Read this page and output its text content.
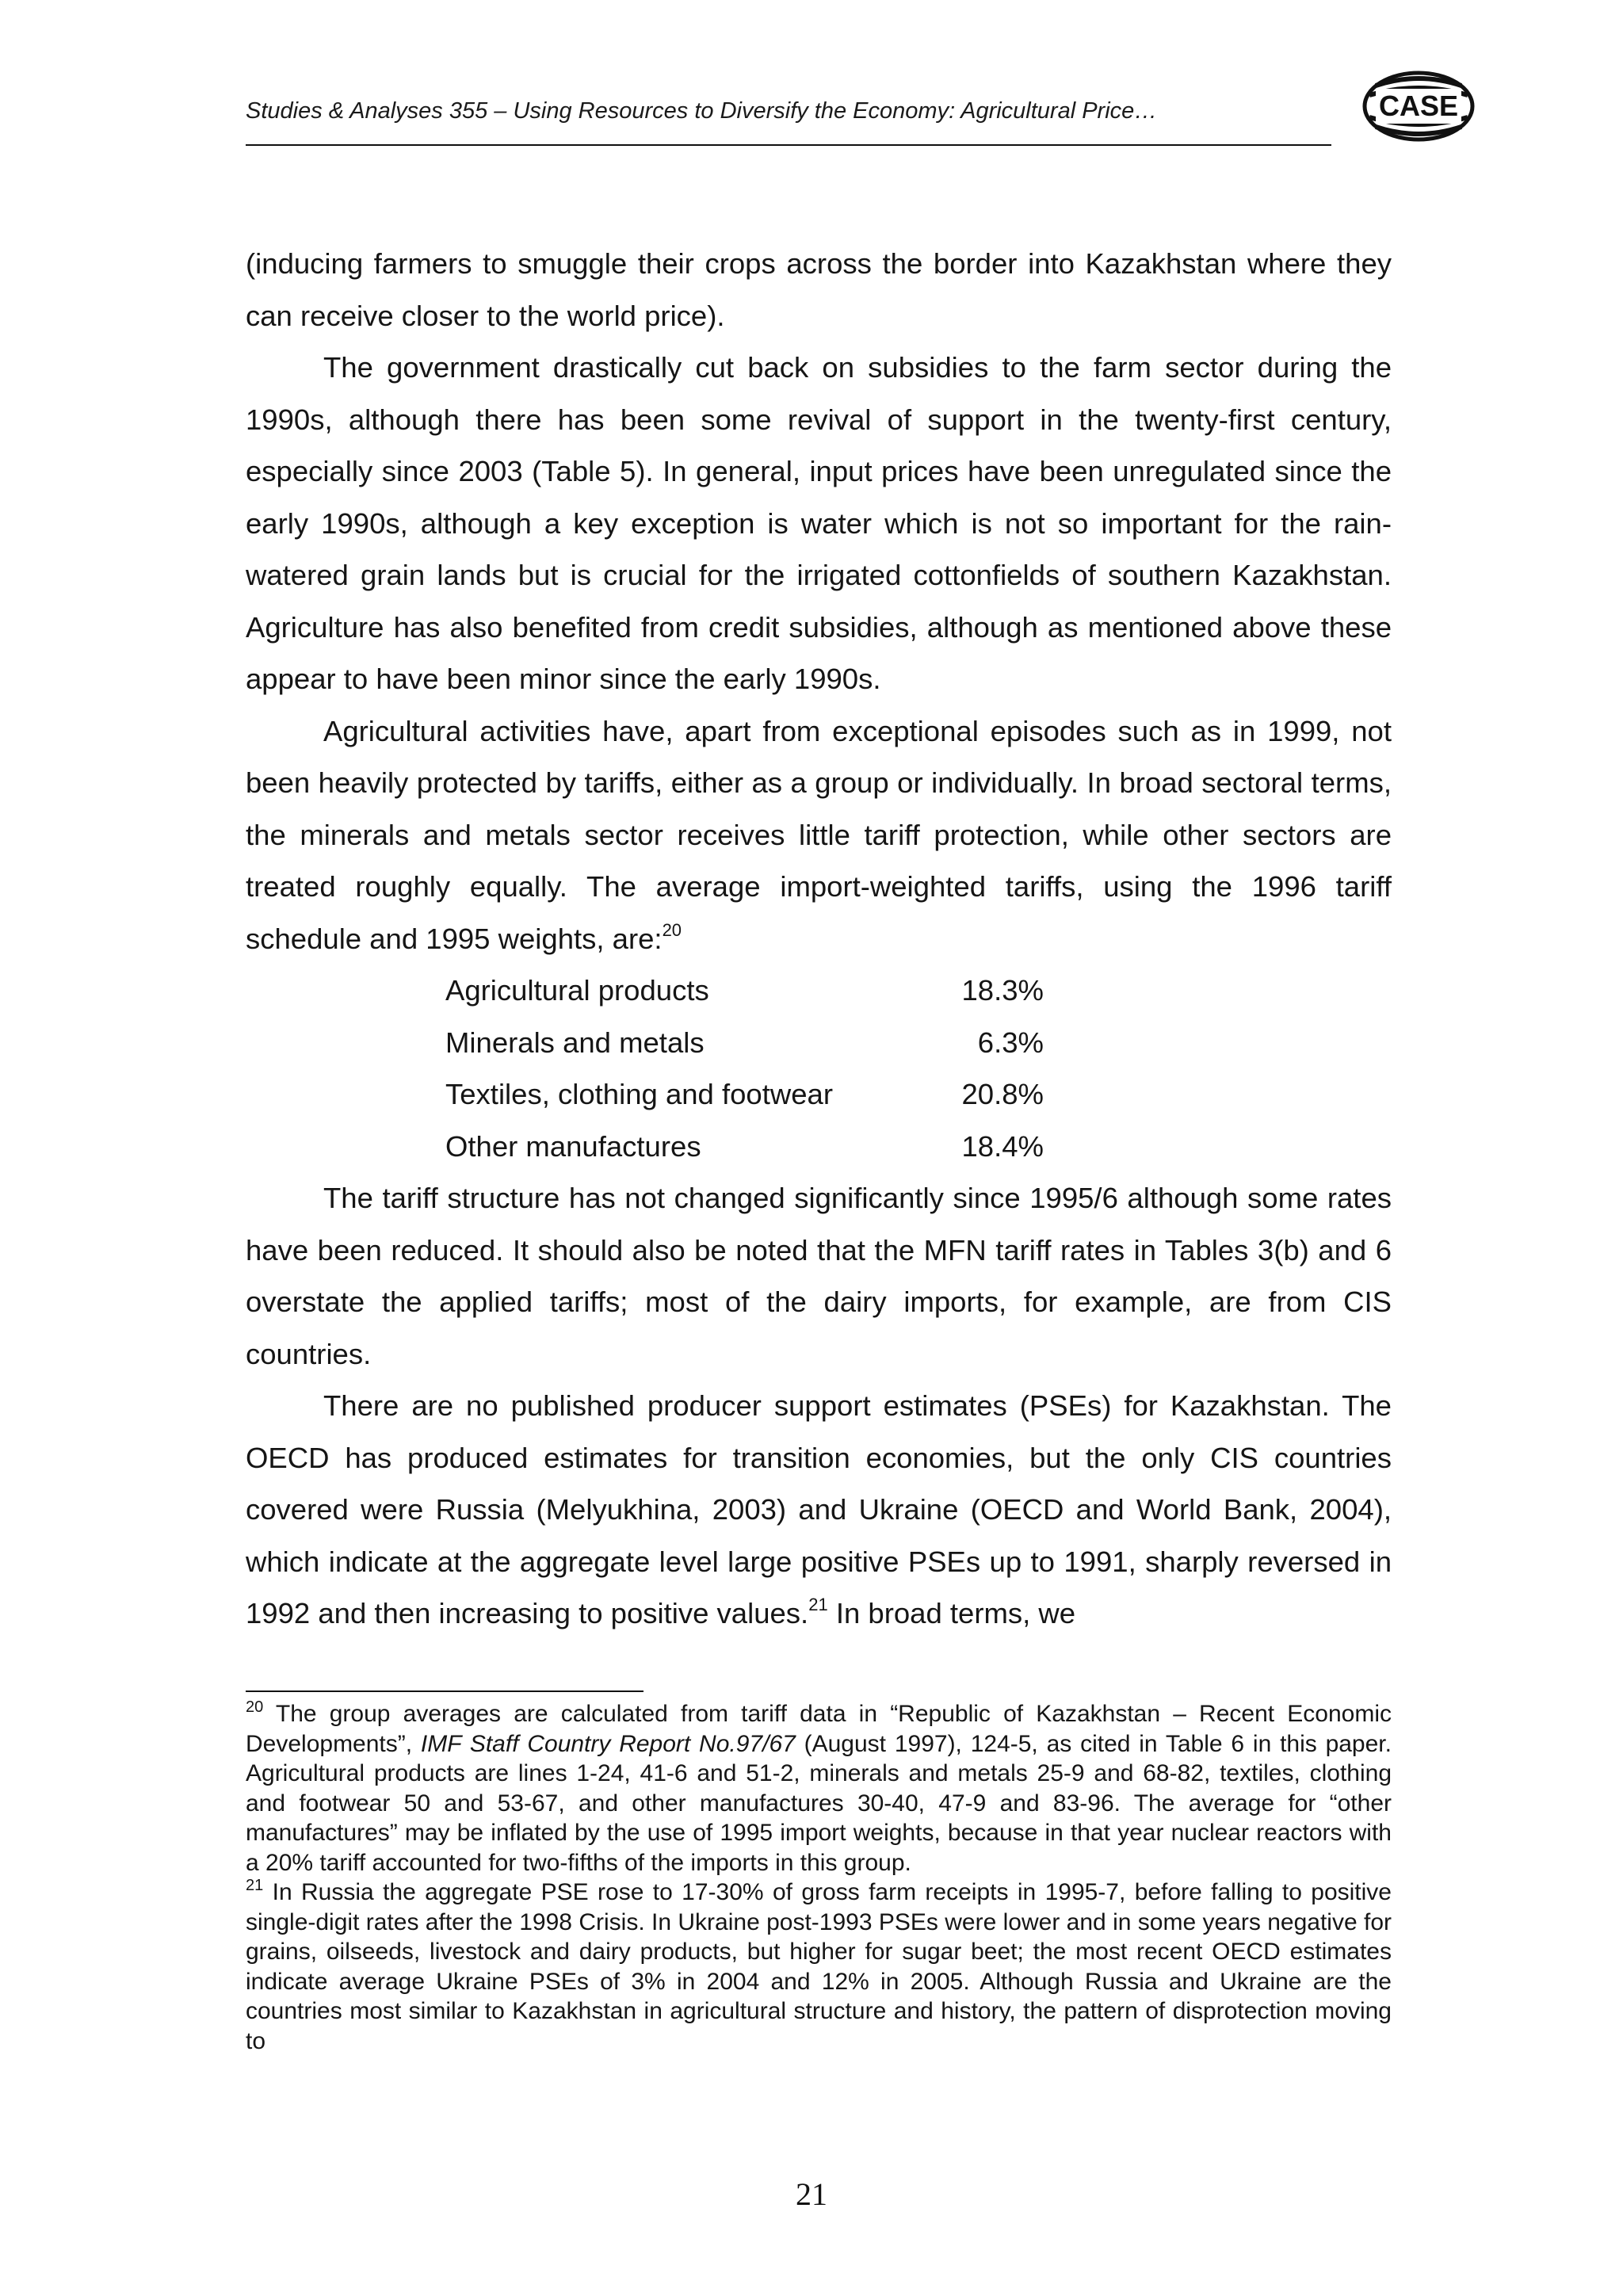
Studies & Analyses 355 – Using Resources to Diversify the Economy: Agricultural Price…	CASE

(inducing farmers to smuggle their crops across the border into Kazakhstan where they can receive closer to the world price).

The government drastically cut back on subsidies to the farm sector during the 1990s, although there has been some revival of support in the twenty-first century, especially since 2003 (Table 5). In general, input prices have been unregulated since the early 1990s, although a key exception is water which is not so important for the rain-watered grain lands but is crucial for the irrigated cottonfields of southern Kazakhstan. Agriculture has also benefited from credit subsidies, although as mentioned above these appear to have been minor since the early 1990s.

Agricultural activities have, apart from exceptional episodes such as in 1999, not been heavily protected by tariffs, either as a group or individually. In broad sectoral terms, the minerals and metals sector receives little tariff protection, while other sectors are treated roughly equally. The average import-weighted tariffs, using the 1996 tariff schedule and 1995 weights, are:$^{20}$

Agricultural products	18.3%
Minerals and metals	6.3%
Textiles, clothing and footwear	20.8%
Other manufactures	18.4%

The tariff structure has not changed significantly since 1995/6 although some rates have been reduced. It should also be noted that the MFN tariff rates in Tables 3(b) and 6 overstate the applied tariffs; most of the dairy imports, for example, are from CIS countries.

There are no published producer support estimates (PSEs) for Kazakhstan. The OECD has produced estimates for transition economies, but the only CIS countries covered were Russia (Melyukhina, 2003) and Ukraine (OECD and World Bank, 2004), which indicate at the aggregate level large positive PSEs up to 1991, sharply reversed in 1992 and then increasing to positive values.$^{21}$ In broad terms, we

$^{20}$ The group averages are calculated from tariff data in “Republic of Kazakhstan – Recent Economic Developments”, IMF Staff Country Report No.97/67 (August 1997), 124-5, as cited in Table 6 in this paper. Agricultural products are lines 1-24, 41-6 and 51-2, minerals and metals 25-9 and 68-82, textiles, clothing and footwear 50 and 53-67, and other manufactures 30-40, 47-9 and 83-96. The average for “other manufactures” may be inflated by the use of 1995 import weights, because in that year nuclear reactors with a 20% tariff accounted for two-fifths of the imports in this group.

$^{21}$ In Russia the aggregate PSE rose to 17-30% of gross farm receipts in 1995-7, before falling to positive single-digit rates after the 1998 Crisis. In Ukraine post-1993 PSEs were lower and in some years negative for grains, oilseeds, livestock and dairy products, but higher for sugar beet; the most recent OECD estimates indicate average Ukraine PSEs of 3% in 2004 and 12% in 2005. Although Russia and Ukraine are the countries most similar to Kazakhstan in agricultural structure and history, the pattern of disprotection moving to

21
